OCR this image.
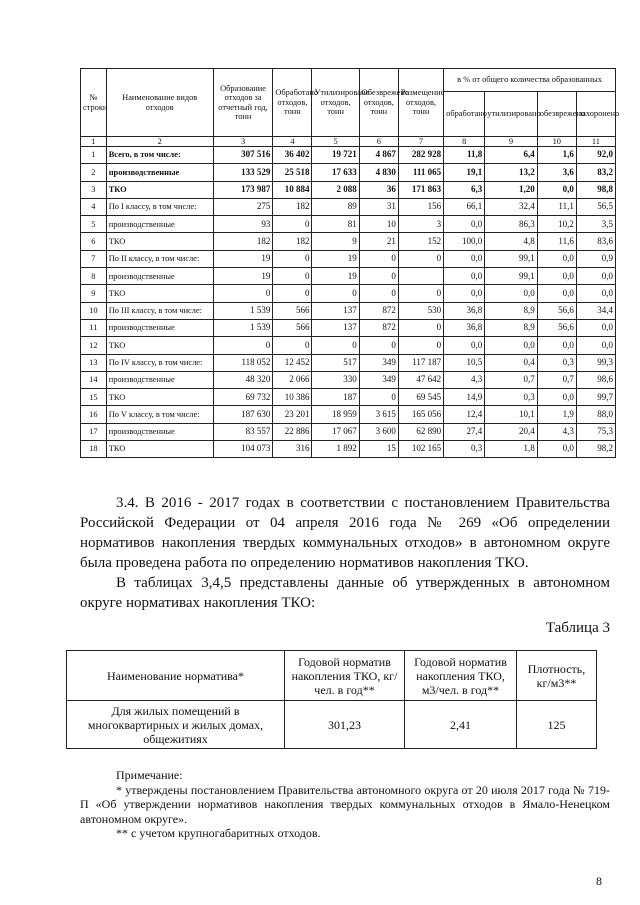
№ строки	Наименование видов отходов	Образование отходов за отчетный год, тонн	Обработано отходов, тонн	Утилизировано отходов, тонн	Обезврежено отходов, тонн	Размещение отходов, тонн	в % от общего количества образованных			
							обработано	утилизировано	обезврежено	захоронено
1	2	3	4	5	6	7	8	9	10	11
1	Всего, в том числе:	307 516	36 402	19 721	4 867	282 928	11,8	6,4	1,6	92,0
2	производственные	133 529	25 518	17 633	4 830	111 065	19,1	13,2	3,6	83,2
3	ТКО	173 987	10 884	2 088	36	171 863	6,3	1,20	0,0	98,8
4	По I классу, в том числе:	275	182	89	31	156	66,1	32,4	11,1	56,5
5	производственные	93	0	81	10	3	0,0	86,3	10,2	3,5
6	ТКО	182	182	9	21	152	100,0	4,8	11,6	83,6
7	По II классу, в том числе:	19	0	19	0	0	0,0	99,1	0,0	0,9
8	производственные	19	0	19	0		0,0	99,1	0,0	0,0
9	ТКО	0	0	0	0	0	0,0	0,0	0,0	0,0
10	По III классу, в том числе:	1 539	566	137	872	530	36,8	8,9	56,6	34,4
11	производственные	1 539	566	137	872	0	36,8	8,9	56,6	0,0
12	ТКО	0	0	0	0	0	0,0	0,0	0,0	0,0
13	По IV классу, в том числе:	118 052	12 452	517	349	117 187	10,5	0,4	0,3	99,3
14	производственные	48 320	2 066	330	349	47 642	4,3	0,7	0,7	98,6
15	ТКО	69 732	10 386	187	0	69 545	14,9	0,3	0,0	99,7
16	По V классу, в том числе:	187 630	23 201	18 959	3 615	165 056	12,4	10,1	1,9	88,0
17	производственные	83 557	22 886	17 067	3 600	62 890	27,4	20,4	4,3	75,3
18	ТКО	104 073	316	1 892	15	102 165	0,3	1,8	0,0	98,2

3.4. В 2016 - 2017 годах в соответствии с постановлением Правительства Российской Федерации от 04 апреля 2016 года № 269 «Об определении нормативов накопления твердых коммунальных отходов» в автономном округе была проведена работа по определению нормативов накопления ТКО.

В таблицах 3,4,5 представлены данные об утвержденных в автономном округе нормативах накопления ТКО:

Таблица 3
Наименование норматива*	Годовой норматив накопления ТКО, кг/чел. в год**	Годовой норматив накопления ТКО, м3/чел. в год**	Плотность, кг/м3**
Для жилых помещений в многоквартирных и жилых домах, общежитиях	301,23	2,41	125

Примечание:

* утверждены постановлением Правительства автономного округа от 20 июля 2017 года № 719-П «Об утверждении нормативов накопления твердых коммунальных отходов в Ямало-Ненецком автономном округе».

** с учетом крупногабаритных отходов.

8
